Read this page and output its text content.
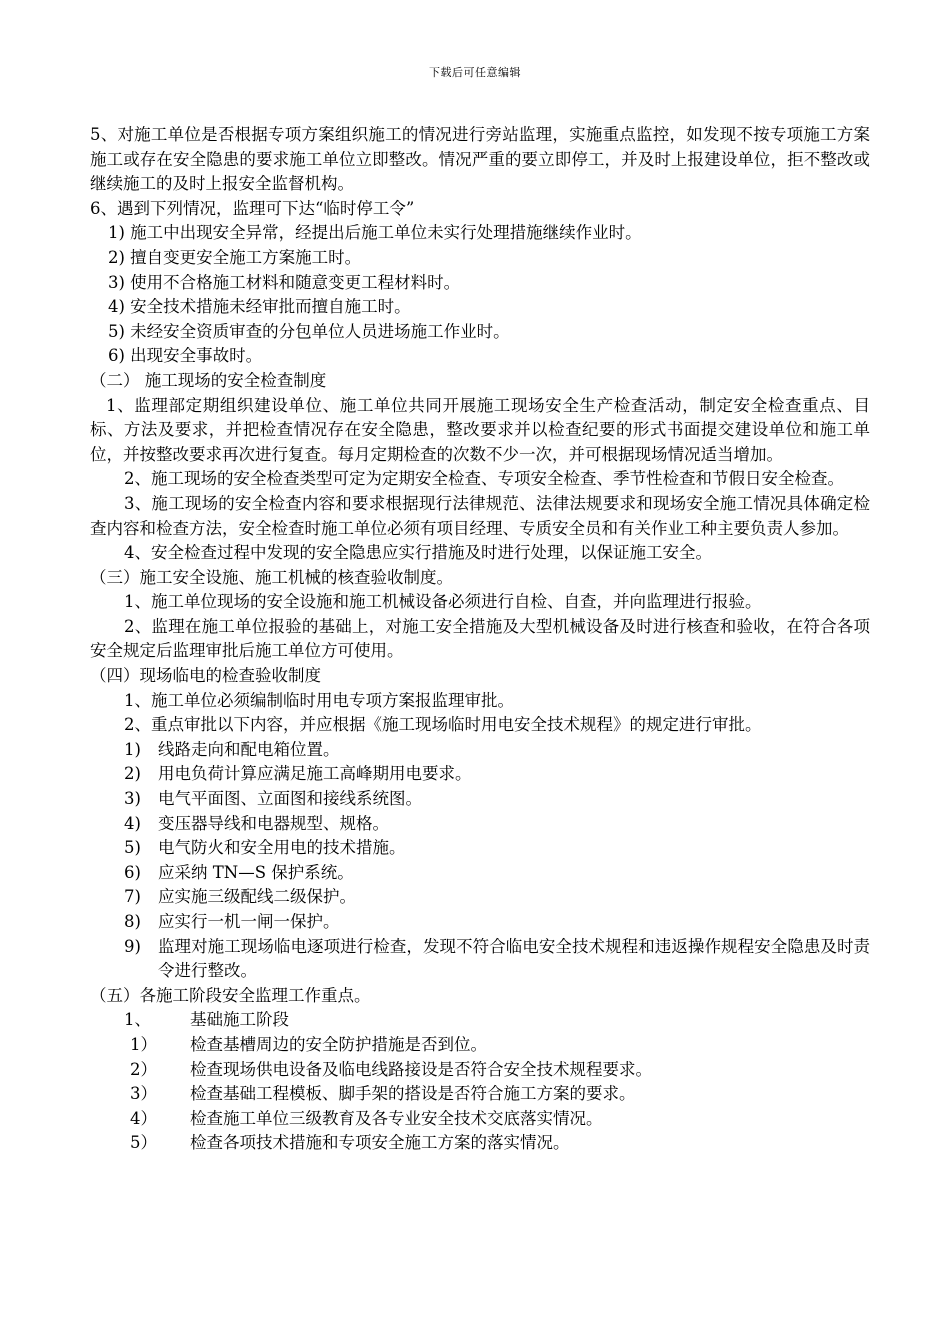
下载后可任意编辑
5、对施工单位是否根据专项方案组织施工的情况进行旁站监理，实施重点监控，如发现不按专项施工方案施工或存在安全隐患的要求施工单位立即整改。情况严重的要立即停工，并及时上报建设单位，拒不整改或继续施工的及时上报安全监督机构。
6、遇到下列情况，监理可下达“临时停工令”
1) 施工中出现安全异常，经提出后施工单位未实行处理措施继续作业时。
2) 擅自变更安全施工方案施工时。
3) 使用不合格施工材料和随意变更工程材料时。
4) 安全技术措施未经审批而擅自施工时。
5) 未经安全资质审查的分包单位人员进场施工作业时。
6) 出现安全事故时。
（二） 施工现场的安全检查制度
1、监理部定期组织建设单位、施工单位共同开展施工现场安全生产检查活动，制定安全检查重点、目标、方法及要求，并把检查情况存在安全隐患，整改要求并以检查纪要的形式书面提交建设单位和施工单位，并按整改要求再次进行复查。每月定期检查的次数不少一次，并可根据现场情况适当增加。
2、施工现场的安全检查类型可定为定期安全检查、专项安全检查、季节性检查和节假日安全检查。
3、施工现场的安全检查内容和要求根据现行法律规范、法律法规要求和现场安全施工情况具体确定检查内容和检查方法，安全检查时施工单位必须有项目经理、专质安全员和有关作业工种主要负责人参加。
4、安全检查过程中发现的安全隐患应实行措施及时进行处理，以保证施工安全。
（三）施工安全设施、施工机械的核查验收制度。
1、施工单位现场的安全设施和施工机械设备必须进行自检、自查，并向监理进行报验。
2、监理在施工单位报验的基础上，对施工安全措施及大型机械设备及时进行核查和验收，在符合各项安全规定后监理审批后施工单位方可使用。
（四）现场临电的检查验收制度
1、施工单位必须编制临时用电专项方案报监理审批。
2、重点审批以下内容，并应根据《施工现场临时用电安全技术规程》的规定进行审批。
1)	线路走向和配电箱位置。
2)	用电负荷计算应满足施工高峰期用电要求。
3)	电气平面图、立面图和接线系统图。
4)	变压器导线和电器规型、规格。
5)	电气防火和安全用电的技术措施。
6)	应采纳 TN—S 保护系统。
7)	应实施三级配线二级保护。
8)	应实行一机一闸一保护。
9)	监理对施工现场临电逐项进行检查，发现不符合临电安全技术规程和违返操作规程安全隐患及时责令进行整改。
（五）各施工阶段安全监理工作重点。
1、	基础施工阶段
1）	检查基槽周边的安全防护措施是否到位。
2）	检查现场供电设备及临电线路接设是否符合安全技术规程要求。
3）	检查基础工程模板、脚手架的搭设是否符合施工方案的要求。
4）	检查施工单位三级教育及各专业安全技术交底落实情况。
5）	检查各项技术措施和专项安全施工方案的落实情况。
